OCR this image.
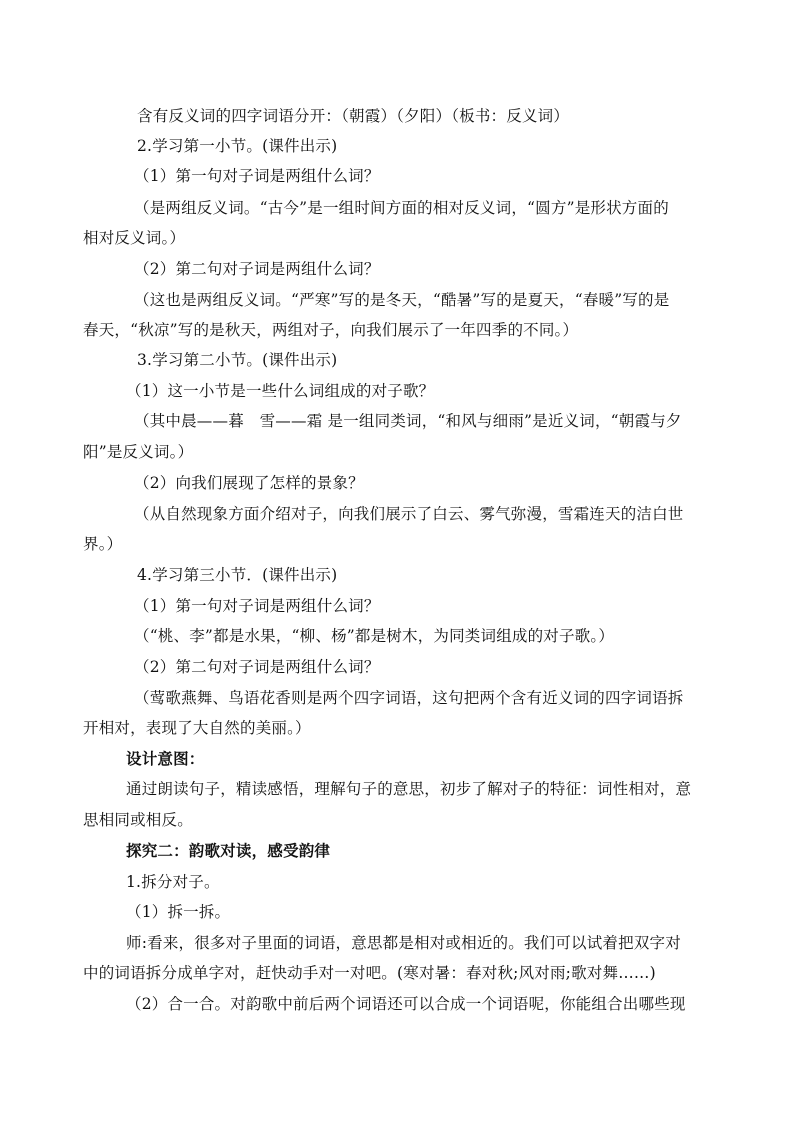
含有反义词的四字词语分开：（朝霞）（夕阳）（板书：反义词）
2.学习第一小节。(课件出示)
（1）第一句对子词是两组什么词？
（是两组反义词。“古今”是一组时间方面的相对反义词，“圆方”是形状方面的
相对反义词。）
（2）第二句对子词是两组什么词？
（这也是两组反义词。“严寒”写的是冬天，“酷暑”写的是夏天，“春暖”写的是
春天，“秋凉”写的是秋天，两组对子，向我们展示了一年四季的不同。）
3.学习第二小节。(课件出示)
（1）这一小节是一些什么词组成的对子歌？
（其中晨——暮　雪——霜 是一组同类词，“和风与细雨”是近义词，“朝霞与夕
阳”是反义词。）
（2）向我们展现了怎样的景象？
（从自然现象方面介绍对子，向我们展示了白云、雾气弥漫，雪霜连天的洁白世
界。）
4.学习第三小节．(课件出示)
（1）第一句对子词是两组什么词？
（“桃、李”都是水果，“柳、杨”都是树木，为同类词组成的对子歌。）
（2）第二句对子词是两组什么词？
（莺歌燕舞、鸟语花香则是两个四字词语，这句把两个含有近义词的四字词语拆
开相对，表现了大自然的美丽。）
设计意图：
通过朗读句子，精读感悟，理解句子的意思，初步了解对子的特征：词性相对，意
思相同或相反。
探究二：韵歌对读，感受韵律
1.拆分对子。
（1）拆一拆。
师:看来，很多对子里面的词语，意思都是相对或相近的。我们可以试着把双字对
中的词语拆分成单字对，赶快动手对一对吧。(寒对暑：春对秋;风对雨;歌对舞……)
（2）合一合。对韵歌中前后两个词语还可以合成一个词语呢，你能组合出哪些现
